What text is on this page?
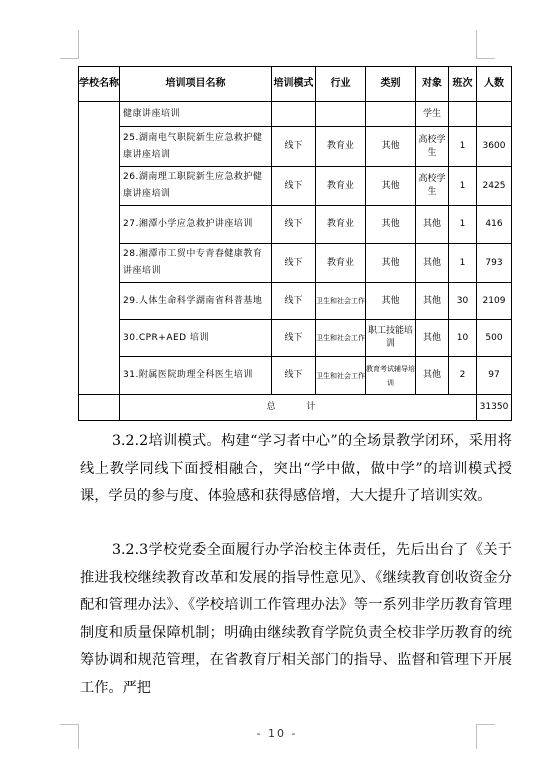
学校名称	培训项目名称	培训模式	行业	类别	对象	班次	人数
	健康讲座培训				学生		
	25.湖南电气职院新生应急救护健康讲座培训	线下	教育业	其他	高校学生	1	3600
	26.湖南理工职院新生应急救护健康讲座培训	线下	教育业	其他	高校学生	1	2425
	27.湘潭小学应急救护讲座培训	线下	教育业	其他	其他	1	416
	28.湘潭市工贸中专青春健康教育讲座培训	线下	教育业	其他	其他	1	793
	29.人体生命科学湖南省科普基地	线下	卫生和社会工作	其他	其他	30	2109
	30.CPR+AED 培训	线下	卫生和社会工作	职工技能培训	其他	10	500
	31.附属医院助理全科医生培训	线下	卫生和社会工作	教育考试辅导培训	其他	2	97
	总 计						31350

3.2.2培训模式。构建“学习者中心”的全场景教学闭环，采用将线上教学同线下面授相融合，突出“学中做，做中学”的培训模式授课，学员的参与度、体验感和获得感倍增，大大提升了培训实效。

3.2.3学校党委全面履行办学治校主体责任，先后出台了《关于推进我校继续教育改革和发展的指导性意见》、《继续教育创收资金分配和管理办法》、《学校培训工作管理办法》等一系列非学历教育管理制度和质量保障机制；明确由继续教育学院负责全校非学历教育的统筹协调和规范管理，在省教育厅相关部门的指导、监督和管理下开展工作。严把

- 10 -
